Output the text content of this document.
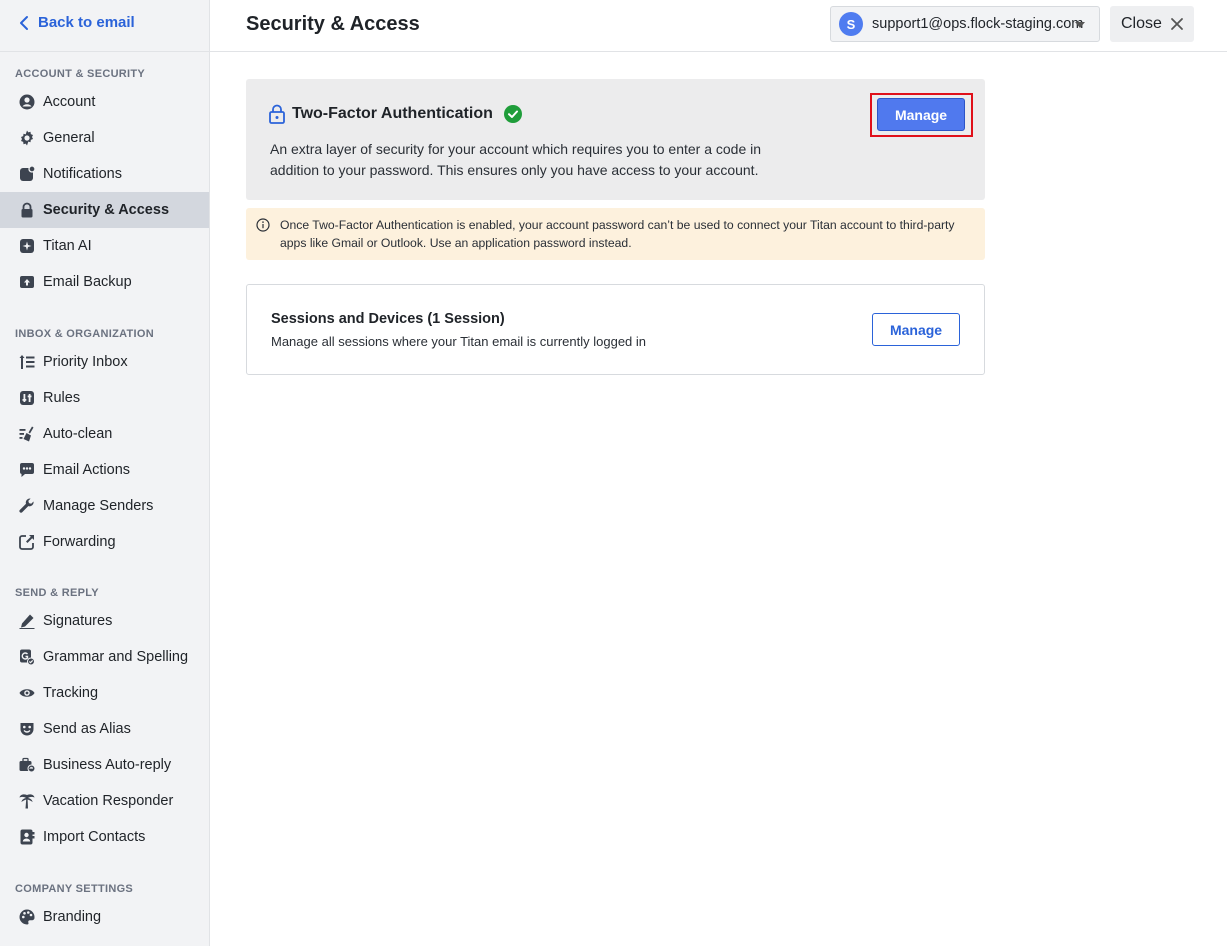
Back to email
ACCOUNT & SECURITY
Account
General
Notifications
Security & Access
Titan AI
Email Backup
INBOX & ORGANIZATION
Priority Inbox
Rules
Auto-clean
Email Actions
Manage Senders
Forwarding
SEND & REPLY
Signatures
Grammar and Spelling
Tracking
Send as Alias
Business Auto-reply
Vacation Responder
Import Contacts
COMPANY SETTINGS
Branding
Security & Access	S	support1@ops.flock-staging.com Close
Two-Factor Authentication

An extra layer of security for your account which requires you to enter a code in addition to your password. This ensures only you have access to your account.

Manage

Once Two-Factor Authentication is enabled, your account password can’t be used to connect your Titan account to third-party apps like Gmail or Outlook. Use an application password instead.

Sessions and Devices (1 Session)
Manage all sessions where your Titan email is currently logged in
Manage
